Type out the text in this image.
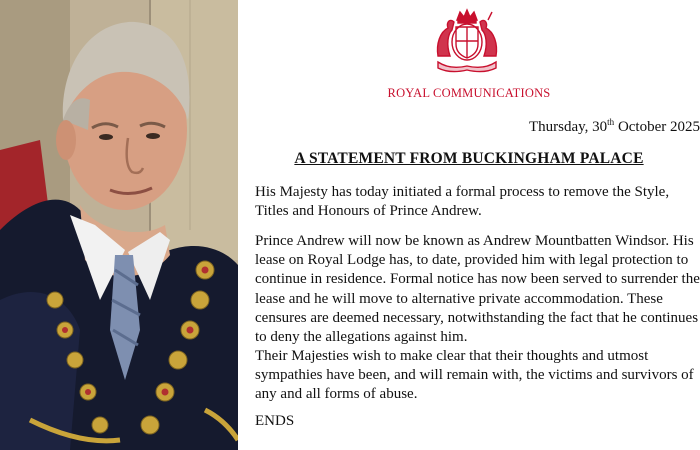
ROYAL COMMUNICATIONS

Thursday, 30th October 2025

A STATEMENT FROM BUCKINGHAM PALACE

His Majesty has today initiated a formal process to remove the Style, Titles and Honours of Prince Andrew.

Prince Andrew will now be known as Andrew Mountbatten Windsor. His lease on Royal Lodge has, to date, provided him with legal protection to continue in residence. Formal notice has now been served to surrender the lease and he will move to alternative private accommodation. These censures are deemed necessary, notwithstanding the fact that he continues to deny the allegations against him.

Their Majesties wish to make clear that their thoughts and utmost sympathies have been, and will remain with, the victims and survivors of any and all forms of abuse.

ENDS
